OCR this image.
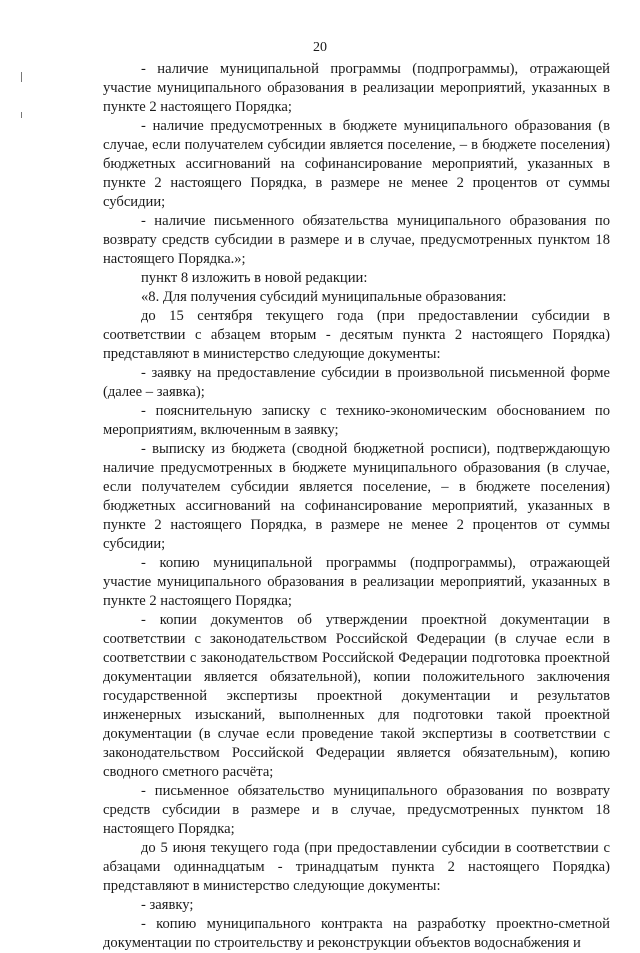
20

- наличие муниципальной программы (подпрограммы), отражающей участие муниципального образования в реализации мероприятий, указанных в пункте 2 настоящего Порядка;

- наличие предусмотренных в бюджете муниципального образования (в случае, если получателем субсидии является поселение, – в бюджете поселения) бюджетных ассигнований на софинансирование мероприятий, указанных в пункте 2 настоящего Порядка, в размере не менее 2 процентов от суммы субсидии;

- наличие письменного обязательства муниципального образования по возврату средств субсидии в размере и в случае, предусмотренных пунктом 18 настоящего Порядка.»;

пункт 8 изложить в новой редакции:

«8. Для получения субсидий муниципальные образования:

до 15 сентября текущего года (при предоставлении субсидии в соответствии с абзацем вторым - десятым пункта 2 настоящего Порядка) представляют в министерство следующие документы:

- заявку на предоставление субсидии в произвольной письменной форме (далее – заявка);

- пояснительную записку с технико-экономическим обоснованием по мероприятиям, включенным в заявку;

- выписку из бюджета (сводной бюджетной росписи), подтверждающую наличие предусмотренных в бюджете муниципального образования (в случае, если получателем субсидии является поселение, – в бюджете поселения) бюджетных ассигнований на софинансирование мероприятий, указанных в пункте 2 настоящего Порядка, в размере не менее 2 процентов от суммы субсидии;

- копию муниципальной программы (подпрограммы), отражающей участие муниципального образования в реализации мероприятий, указанных в пункте 2 настоящего Порядка;

- копии документов об утверждении проектной документации в соответствии с законодательством Российской Федерации (в случае если в соответствии с законодательством Российской Федерации подготовка проектной документации является обязательной), копии положительного заключения государственной экспертизы проектной документации и результатов инженерных изысканий, выполненных для подготовки такой проектной документации (в случае если проведение такой экспертизы в соответствии с законодательством Российской Федерации является обязательным), копию сводного сметного расчёта;

- письменное обязательство муниципального образования по возврату средств субсидии в размере и в случае, предусмотренных пунктом 18 настоящего Порядка;

до 5 июня текущего года (при предоставлении субсидии в соответствии с абзацами одиннадцатым - тринадцатым пункта 2 настоящего Порядка) представляют в министерство следующие документы:

- заявку;

- копию муниципального контракта на разработку проектно-сметной документации по строительству и реконструкции объектов водоснабжения и
